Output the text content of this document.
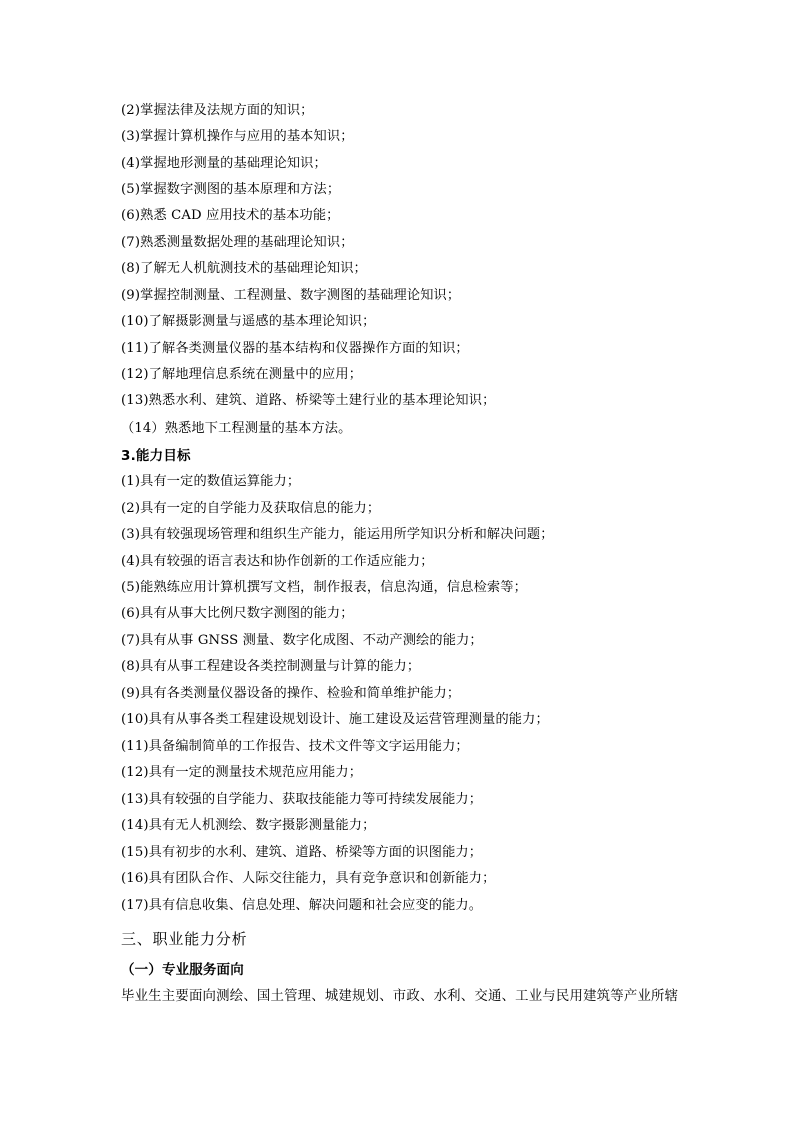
(2)掌握法律及法规方面的知识；

(3)掌握计算机操作与应用的基本知识；

(4)掌握地形测量的基础理论知识；

(5)掌握数字测图的基本原理和方法；

(6)熟悉 CAD 应用技术的基本功能；

(7)熟悉测量数据处理的基础理论知识；

(8)了解无人机航测技术的基础理论知识；

(9)掌握控制测量、工程测量、数字测图的基础理论知识；

(10)了解摄影测量与遥感的基本理论知识；

(11)了解各类测量仪器的基本结构和仪器操作方面的知识；

(12)了解地理信息系统在测量中的应用；

(13)熟悉水利、建筑、道路、桥梁等土建行业的基本理论知识；

（14）熟悉地下工程测量的基本方法。

3.能力目标

(1)具有一定的数值运算能力；

(2)具有一定的自学能力及获取信息的能力；

(3)具有较强现场管理和组织生产能力，能运用所学知识分析和解决问题；

(4)具有较强的语言表达和协作创新的工作适应能力；

(5)能熟练应用计算机撰写文档，制作报表，信息沟通，信息检索等；

(6)具有从事大比例尺数字测图的能力；

(7)具有从事 GNSS 测量、数字化成图、不动产测绘的能力；

(8)具有从事工程建设各类控制测量与计算的能力；

(9)具有各类测量仪器设备的操作、检验和简单维护能力；

(10)具有从事各类工程建设规划设计、施工建设及运营管理测量的能力；

(11)具备编制简单的工作报告、技术文件等文字运用能力；

(12)具有一定的测量技术规范应用能力；

(13)具有较强的自学能力、获取技能能力等可持续发展能力；

(14)具有无人机测绘、数字摄影测量能力；

(15)具有初步的水利、建筑、道路、桥梁等方面的识图能力；

(16)具有团队合作、人际交往能力，具有竞争意识和创新能力；

(17)具有信息收集、信息处理、解决问题和社会应变的能力。

三、职业能力分析

（一）专业服务面向

毕业生主要面向测绘、国土管理、城建规划、市政、水利、交通、工业与民用建筑等产业所辖
